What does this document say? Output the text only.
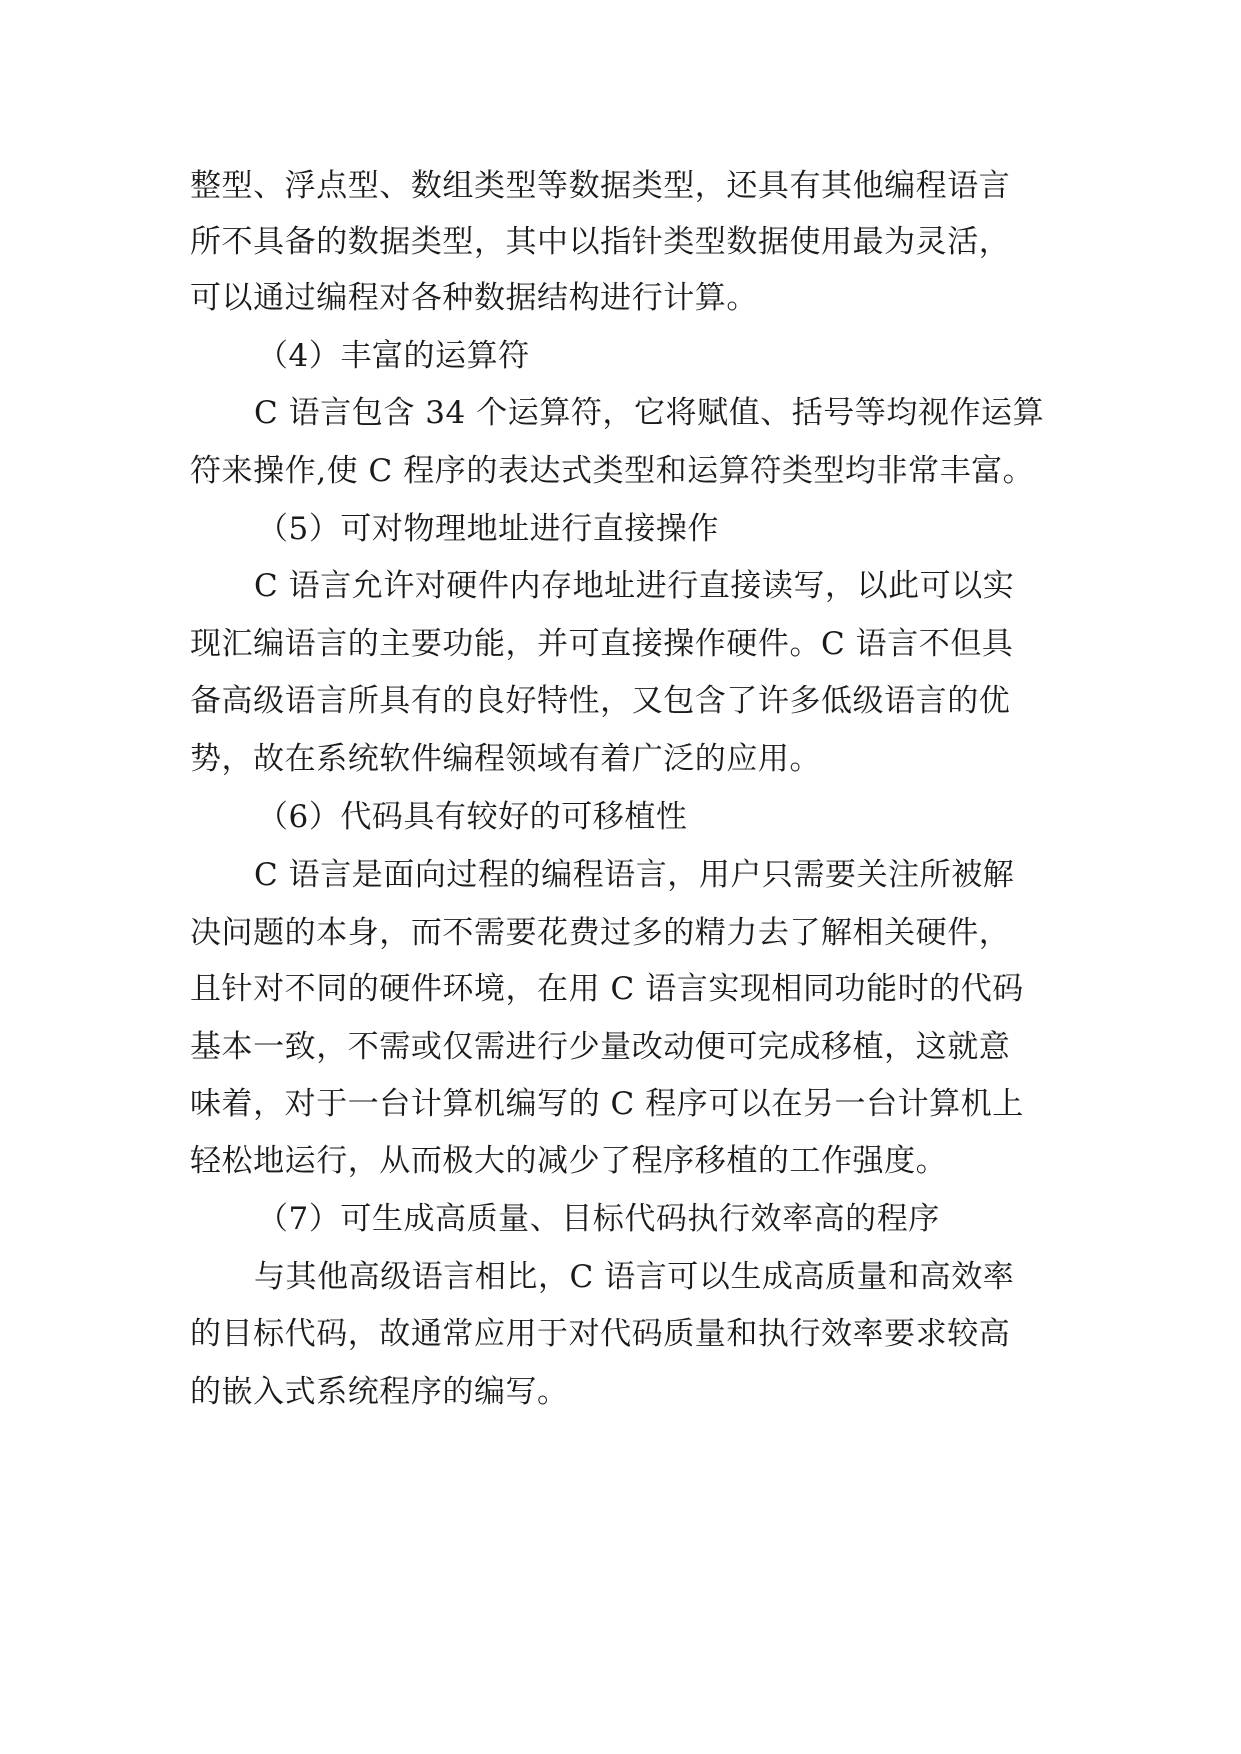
整型、浮点型、数组类型等数据类型，还具有其他编程语言
所不具备的数据类型，其中以指针类型数据使用最为灵活，
可以通过编程对各种数据结构进行计算。
（4）丰富的运算符
C 语言包含 34 个运算符，它将赋值、括号等均视作运算
符来操作,使 C 程序的表达式类型和运算符类型均非常丰富。
（5）可对物理地址进行直接操作
C 语言允许对硬件内存地址进行直接读写，以此可以实
现汇编语言的主要功能，并可直接操作硬件。C 语言不但具
备高级语言所具有的良好特性，又包含了许多低级语言的优
势，故在系统软件编程领域有着广泛的应用。
（6）代码具有较好的可移植性
C 语言是面向过程的编程语言，用户只需要关注所被解
决问题的本身，而不需要花费过多的精力去了解相关硬件，
且针对不同的硬件环境，在用 C 语言实现相同功能时的代码
基本一致，不需或仅需进行少量改动便可完成移植，这就意
味着，对于一台计算机编写的 C 程序可以在另一台计算机上
轻松地运行，从而极大的减少了程序移植的工作强度。
（7）可生成高质量、目标代码执行效率高的程序
与其他高级语言相比，C 语言可以生成高质量和高效率
的目标代码，故通常应用于对代码质量和执行效率要求较高
的嵌入式系统程序的编写。
